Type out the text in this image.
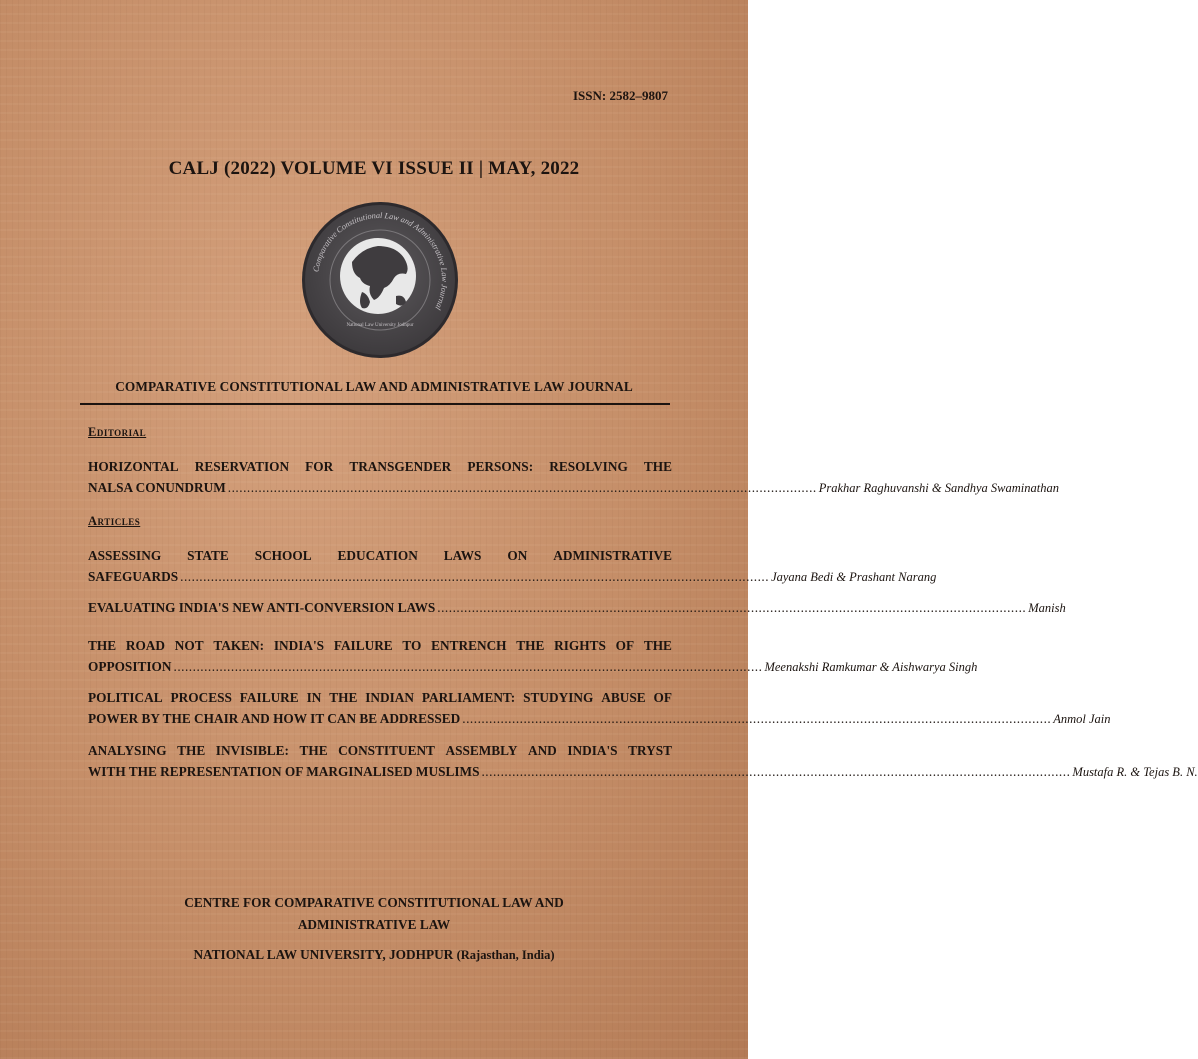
ISSN: 2582–9807
CALJ (2022) VOLUME VI ISSUE II | MAY, 2022
Comparative Constitutional Law and Administrative Law Journal
National Law University Jodhpur
COMPARATIVE CONSTITUTIONAL LAW AND ADMINISTRATIVE LAW JOURNAL
Editorial
HORIZONTAL RESERVATION FOR TRANSGENDER PERSONS: RESOLVING THE
NALSA CONUNDRUM .......................................................................................................................................................... Prakhar Raghuvanshi & Sandhya Swaminathan
Articles
ASSESSING STATE SCHOOL EDUCATION LAWS ON ADMINISTRATIVE
SAFEGUARDS .......................................................................................................................................................... Jayana Bedi & Prashant Narang
EVALUATING INDIA'S NEW ANTI-CONVERSION LAWS .......................................................................................................................................................... Manish
THE ROAD NOT TAKEN: INDIA'S FAILURE TO ENTRENCH THE RIGHTS OF THE
OPPOSITION .......................................................................................................................................................... Meenakshi Ramkumar & Aishwarya Singh
POLITICAL PROCESS FAILURE IN THE INDIAN PARLIAMENT: STUDYING ABUSE OF
POWER BY THE CHAIR AND HOW IT CAN BE ADDRESSED .......................................................................................................................................................... Anmol Jain
ANALYSING THE INVISIBLE: THE CONSTITUENT ASSEMBLY AND INDIA'S TRYST
WITH THE REPRESENTATION OF MARGINALISED MUSLIMS .......................................................................................................................................................... Mustafa R. & Tejas B. N.
CENTRE FOR COMPARATIVE CONSTITUTIONAL LAW AND
ADMINISTRATIVE LAW
NATIONAL LAW UNIVERSITY, JODHPUR (Rajasthan, India)
